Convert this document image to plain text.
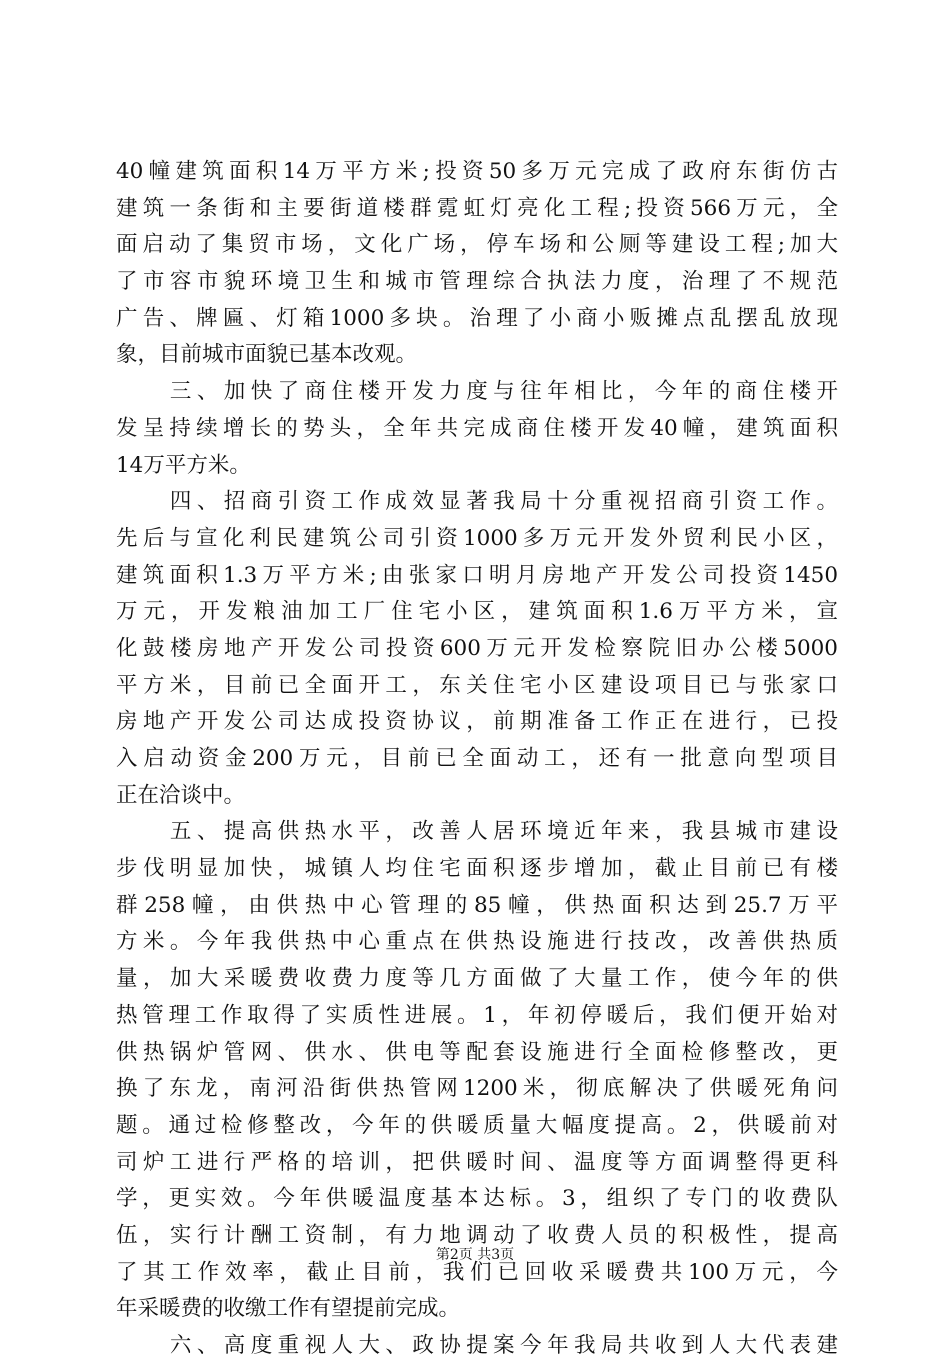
40幢建筑面积14万平方米;投资50多万元完成了政府东街仿古
建筑一条街和主要街道楼群霓虹灯亮化工程;投资566万元，全
面启动了集贸市场，文化广场，停车场和公厕等建设工程;加大
了市容市貌环境卫生和城市管理综合执法力度，治理了不规范
广告、牌匾、灯箱1000多块。治理了小商小贩摊点乱摆乱放现
象，目前城市面貌已基本改观。
　　三、加快了商住楼开发力度与往年相比，今年的商住楼开
发呈持续增长的势头，全年共完成商住楼开发40幢，建筑面积
14万平方米。
　　四、招商引资工作成效显著我局十分重视招商引资工作。
先后与宣化利民建筑公司引资1000多万元开发外贸利民小区，
建筑面积1.3万平方米;由张家口明月房地产开发公司投资1450
万元，开发粮油加工厂住宅小区，建筑面积1.6万平方米，宣
化鼓楼房地产开发公司投资600万元开发检察院旧办公楼5000
平方米，目前已全面开工，东关住宅小区建设项目已与张家口
房地产开发公司达成投资协议，前期准备工作正在进行，已投
入启动资金200万元，目前已全面动工，还有一批意向型项目
正在洽谈中。
　　五、提高供热水平，改善人居环境近年来，我县城市建设
步伐明显加快，城镇人均住宅面积逐步增加，截止目前已有楼
群258幢，由供热中心管理的85幢，供热面积达到25.7万平
方米。今年我供热中心重点在供热设施进行技改，改善供热质
量，加大采暖费收费力度等几方面做了大量工作，使今年的供
热管理工作取得了实质性进展。1，年初停暖后，我们便开始对
供热锅炉管网、供水、供电等配套设施进行全面检修整改，更
换了东龙，南河沿街供热管网1200米，彻底解决了供暖死角问
题。通过检修整改，今年的供暖质量大幅度提高。2，供暖前对
司炉工进行严格的培训，把供暖时间、温度等方面调整得更科
学，更实效。今年供暖温度基本达标。3，组织了专门的收费队
伍，实行计酬工资制，有力地调动了收费人员的积极性，提高
了其工作效率，截止目前，我们已回收采暖费共100万元，今
年采暖费的收缴工作有望提前完成。
　　六、高度重视人大、政协提案今年我局共收到人大代表建
第2页 共3页
